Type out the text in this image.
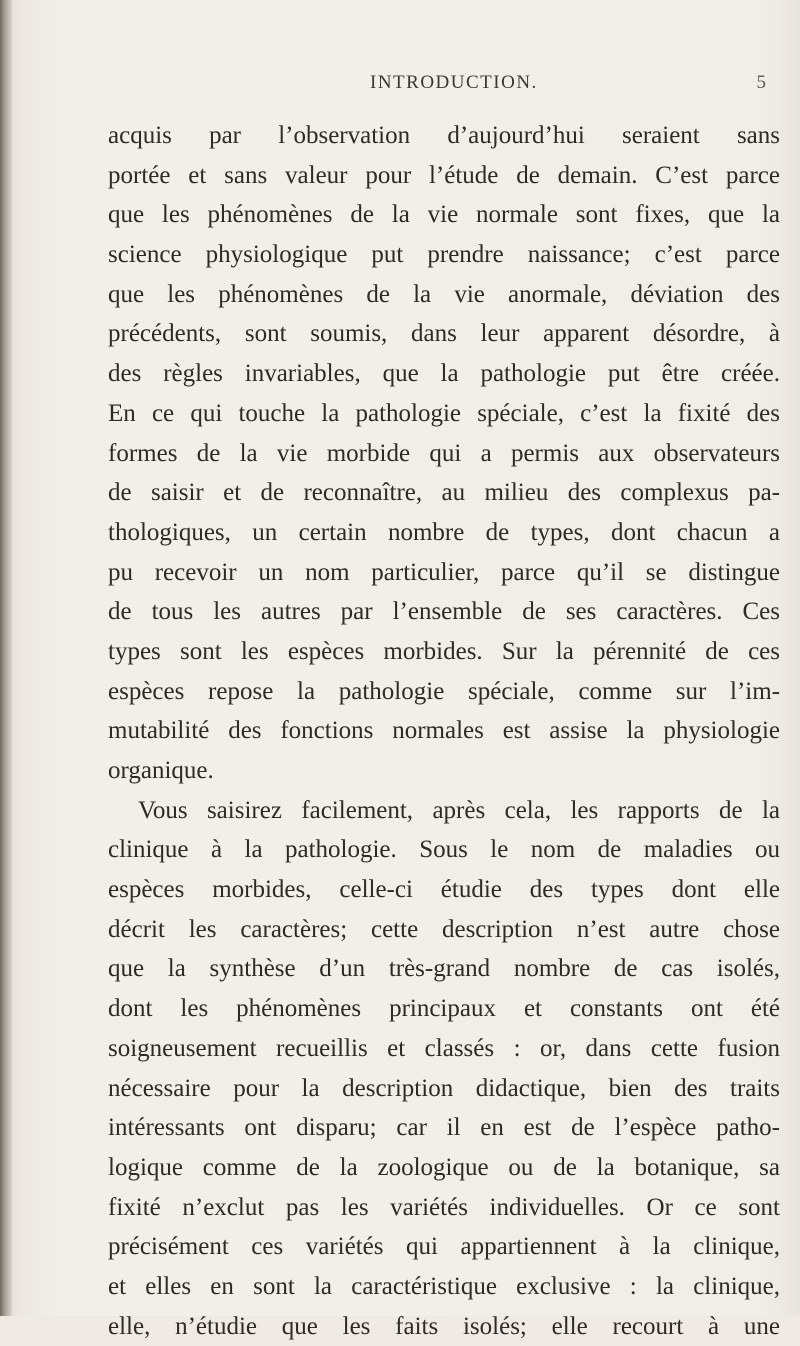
INTRODUCTION.	5
acquis par l’observation d’aujourd’hui seraient sans
portée et sans valeur pour l’étude de demain. C’est parce
que les phénomènes de la vie normale sont fixes, que la
science physiologique put prendre naissance; c’est parce
que les phénomènes de la vie anormale, déviation des
précédents, sont soumis, dans leur apparent désordre, à
des règles invariables, que la pathologie put être créée.
En ce qui touche la pathologie spéciale, c’est la fixité des
formes de la vie morbide qui a permis aux observateurs
de saisir et de reconnaître, au milieu des complexus pa-
thologiques, un certain nombre de types, dont chacun a
pu recevoir un nom particulier, parce qu’il se distingue
de tous les autres par l’ensemble de ses caractères. Ces
types sont les espèces morbides. Sur la pérennité de ces
espèces repose la pathologie spéciale, comme sur l’im-
mutabilité des fonctions normales est assise la physiologie
organique.
Vous saisirez facilement, après cela, les rapports de la
clinique à la pathologie. Sous le nom de maladies ou
espèces morbides, celle-ci étudie des types dont elle
décrit les caractères; cette description n’est autre chose
que la synthèse d’un très-grand nombre de cas isolés,
dont les phénomènes principaux et constants ont été
soigneusement recueillis et classés : or, dans cette fusion
nécessaire pour la description didactique, bien des traits
intéressants ont disparu; car il en est de l’espèce patho-
logique comme de la zoologique ou de la botanique, sa
fixité n’exclut pas les variétés individuelles. Or ce sont
précisément ces variétés qui appartiennent à la clinique,
et elles en sont la caractéristique exclusive : la clinique,
elle, n’étudie que les faits isolés; elle recourt à une
